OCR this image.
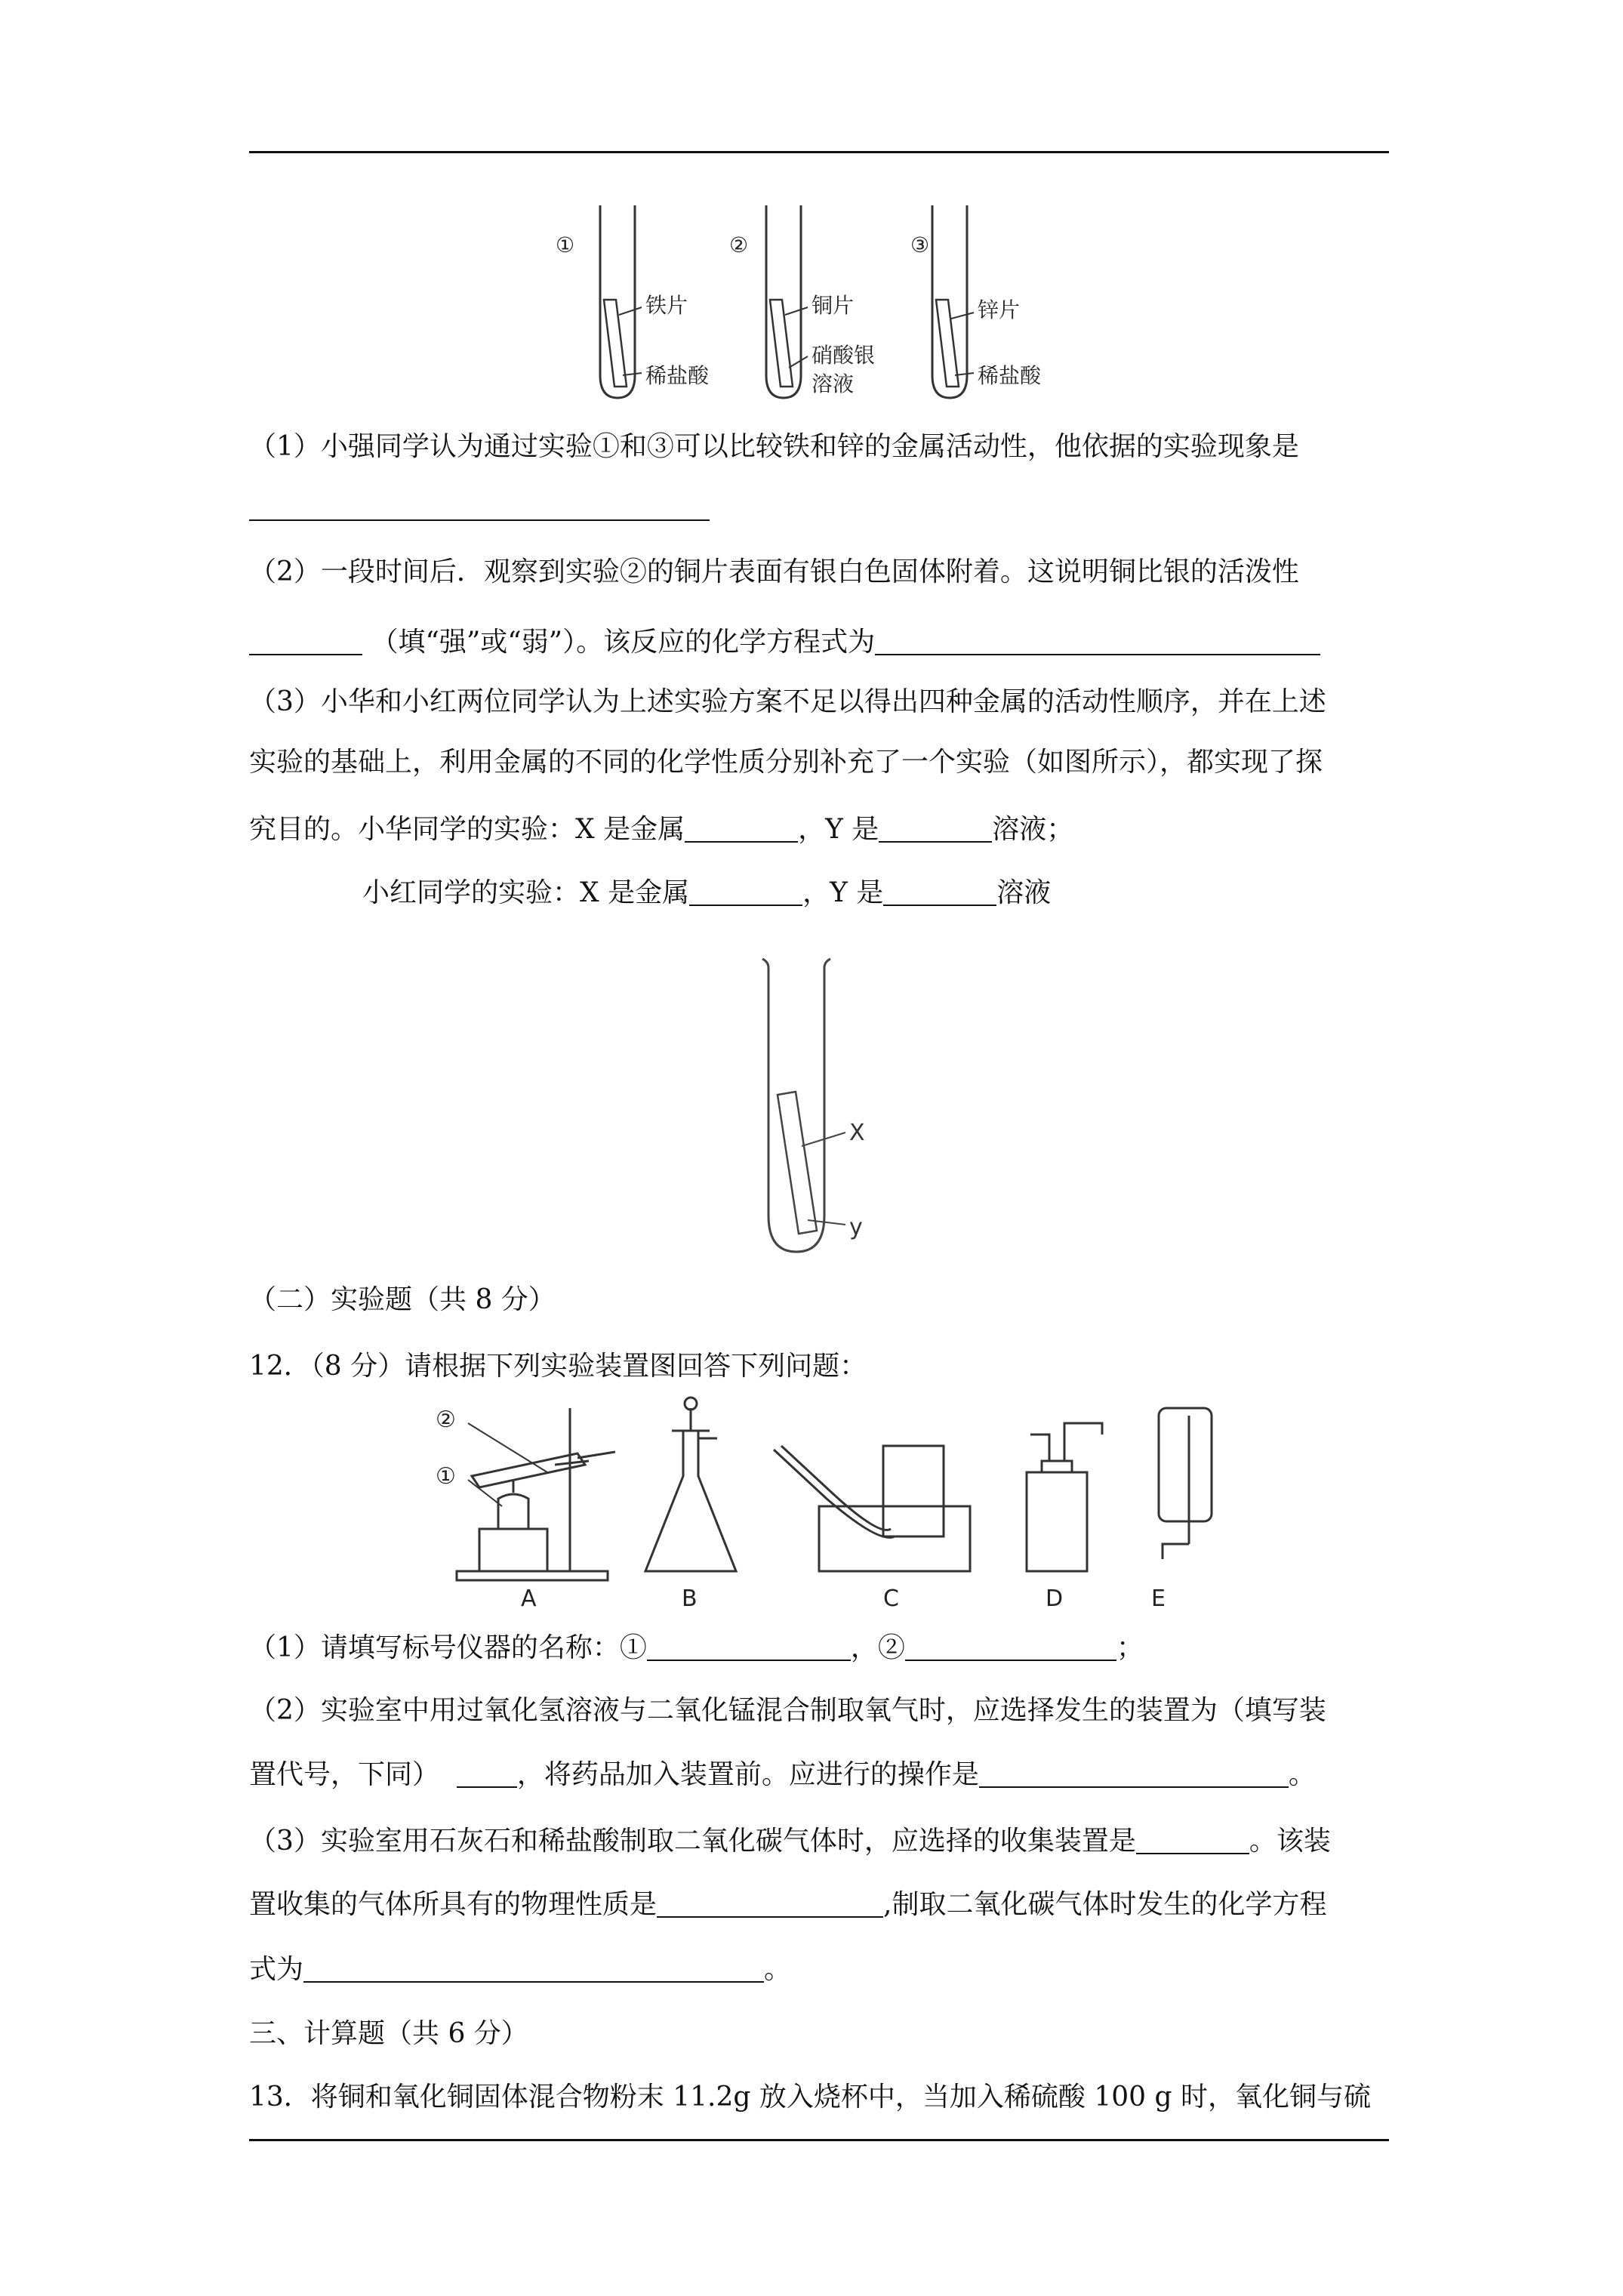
①
铁片
稀盐酸
②
铜片
硝酸银
溶液
③
锌片
稀盐酸
（1）小强同学认为通过实验①和③可以比较铁和锌的金属活动性，他依据的实验现象是
（2）一段时间后．观察到实验②的铜片表面有银白色固体附着。这说明铜比银的活泼性
（填“强”或“弱”）。该反应的化学方程式为
（3）小华和小红两位同学认为上述实验方案不足以得出四种金属的活动性顺序，并在上述
实验的基础上，利用金属的不同的化学性质分别补充了一个实验（如图所示），都实现了探
究目的。小华同学的实验：X 是金属	，Y 是	溶液；
小红同学的实验：X 是金属	，Y 是	溶液
X
y
（二）实验题（共 8 分）
12．（8 分）请根据下列实验装置图回答下列问题：
②
①
A	B	C	D	E
（1）请填写标号仪器的名称：①	，②	；
（2）实验室中用过氧化氢溶液与二氧化锰混合制取氧气时，应选择发生的装置为（填写装
置代号，下同）	，将药品加入装置前。应进行的操作是	。
（3）实验室用石灰石和稀盐酸制取二氧化碳气体时，应选择的收集装置是	。该装
置收集的气体所具有的物理性质是	,制取二氧化碳气体时发生的化学方程
式为	。
三、计算题（共 6 分）
13．将铜和氧化铜固体混合物粉末 11.2g 放入烧杯中，当加入稀硫酸 100 g 时，氧化铜与硫
